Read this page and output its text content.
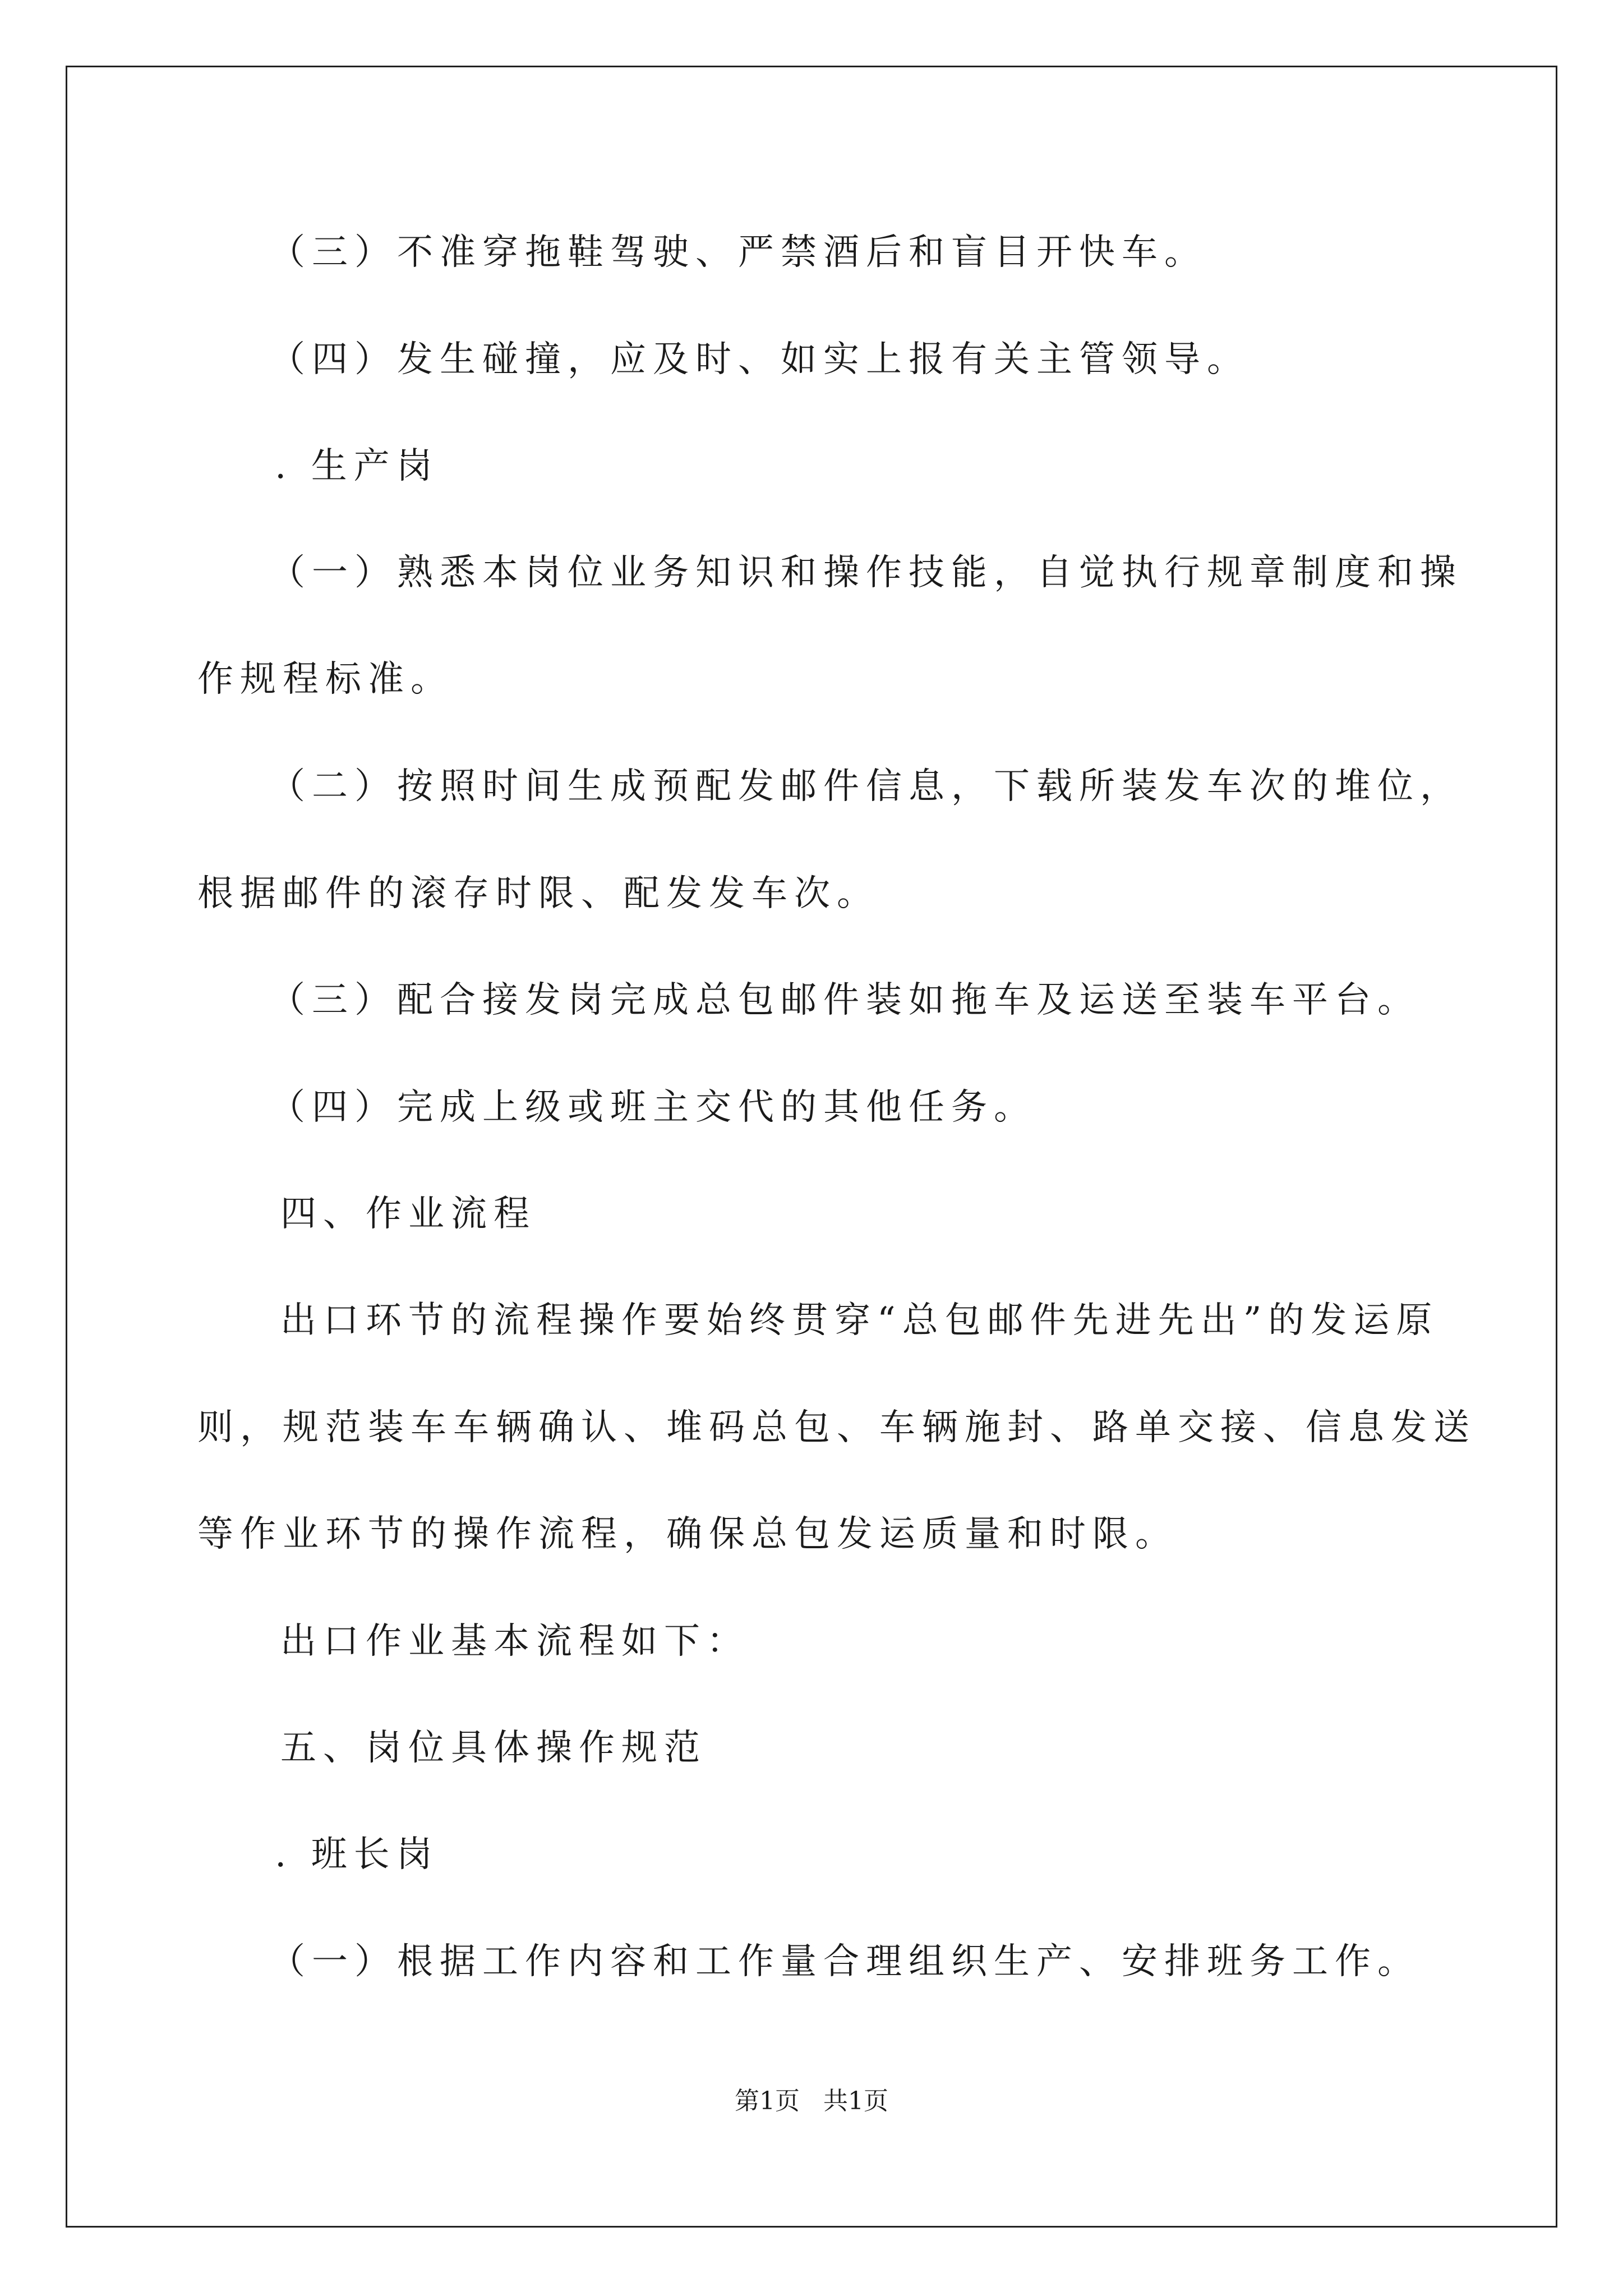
（三）不准穿拖鞋驾驶、严禁酒后和盲目开快车。

（四）发生碰撞，应及时、如实上报有关主管领导。

. 生产岗

（一）熟悉本岗位业务知识和操作技能，自觉执行规章制度和操

作规程标准。

（二）按照时间生成预配发邮件信息，下载所装发车次的堆位，

根据邮件的滚存时限、配发发车次。

（三）配合接发岗完成总包邮件装如拖车及运送至装车平台。

（四）完成上级或班主交代的其他任务。

四、作业流程

出口环节的流程操作要始终贯穿“总包邮件先进先出”的发运原

则，规范装车车辆确认、堆码总包、车辆施封、路单交接、信息发送

等作业环节的操作流程，确保总包发运质量和时限。

出口作业基本流程如下：

五、岗位具体操作规范

. 班长岗

（一）根据工作内容和工作量合理组织生产、安排班务工作。

第1页   共1页
